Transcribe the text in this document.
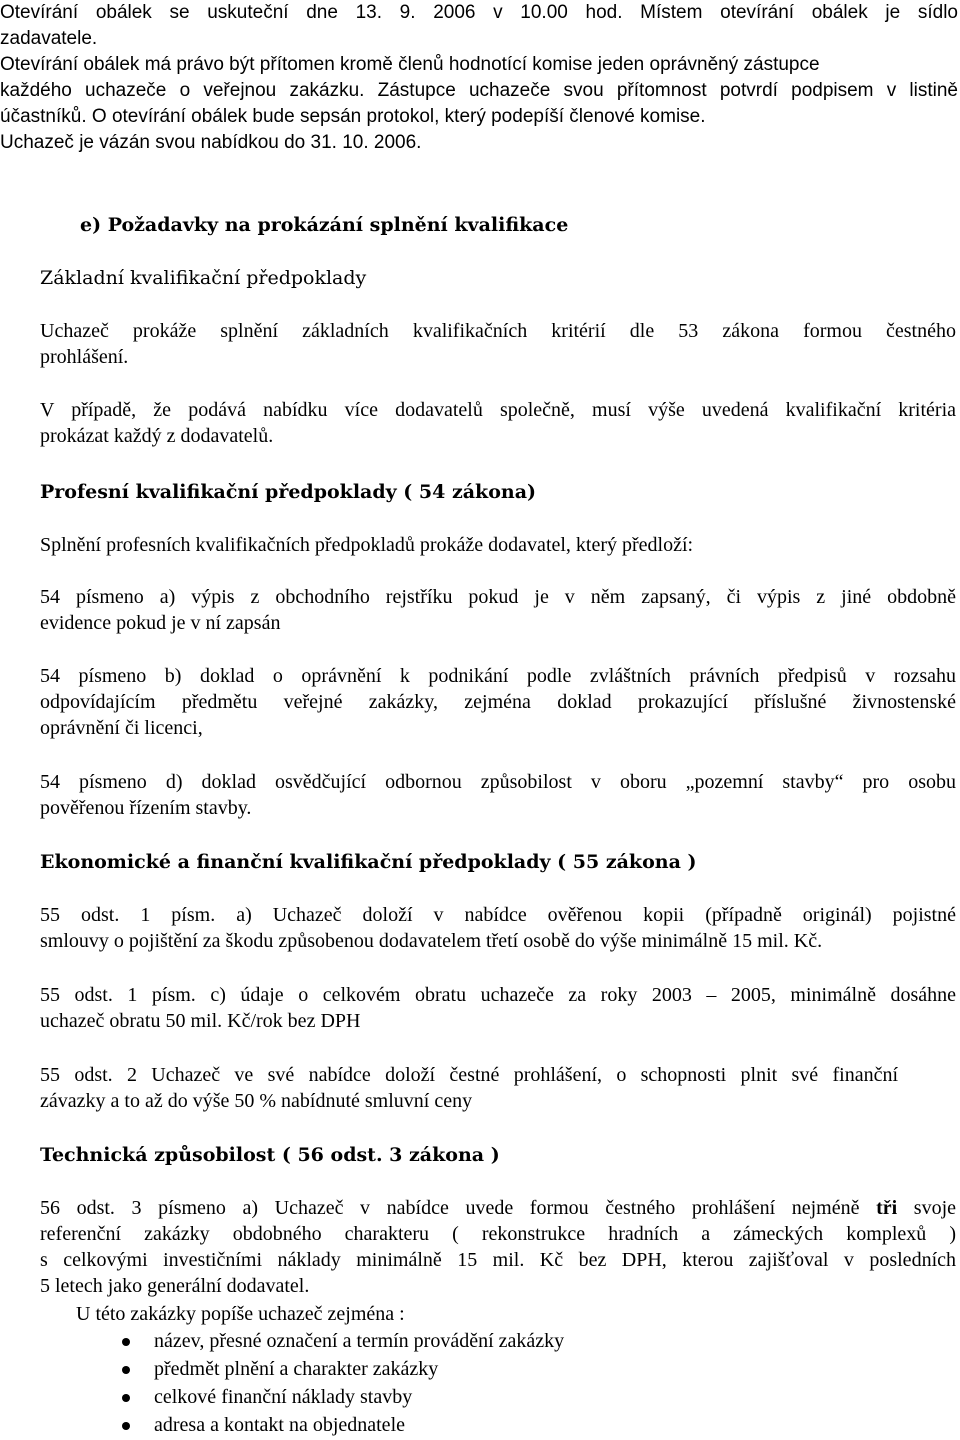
Otevírání obálek se uskuteční dne 13. 9. 2006 v 10.00 hod. Místem otevírání obálek je sídlo
zadavatele.
Otevírání obálek má právo být přítomen kromě členů hodnotící komise jeden oprávněný zástupce
každého uchazeče o veřejnou zakázku. Zástupce uchazeče svou přítomnost potvrdí podpisem v listině
účastníků. O otevírání obálek bude sepsán protokol, který podepíší členové komise.
Uchazeč je vázán svou nabídkou do 31. 10. 2006.
e) Požadavky na prokázání splnění kvalifikace
Základní kvalifikační předpoklady
Uchazeč prokáže splnění základních kvalifikačních kritérií dle 53 zákona formou čestného
prohlášení.
V případě, že podává nabídku více dodavatelů společně, musí výše uvedená kvalifikační kritéria
prokázat každý z dodavatelů.
Profesní kvalifikační předpoklady ( 54 zákona)
Splnění profesních kvalifikačních předpokladů prokáže dodavatel, který předloží:
54 písmeno a) výpis z obchodního rejstříku pokud je v něm zapsaný, či výpis z jiné obdobně
evidence pokud je v ní zapsán
54 písmeno b) doklad o oprávnění k podnikání podle zvláštních právních předpisů v rozsahu
odpovídajícím předmětu veřejné zakázky, zejména doklad prokazující příslušné živnostenské
oprávnění či licenci,
54 písmeno d) doklad osvědčující odbornou způsobilost v oboru „pozemní stavby“ pro osobu
pověřenou řízením stavby.
Ekonomické a finanční kvalifikační předpoklady ( 55 zákona )
55 odst. 1 písm. a) Uchazeč doloží v nabídce ověřenou kopii (případně originál) pojistné
smlouvy o pojištění za škodu způsobenou dodavatelem třetí osobě do výše minimálně 15 mil. Kč.
55 odst. 1 písm. c) údaje o celkovém obratu uchazeče za roky 2003 – 2005, minimálně dosáhne
uchazeč obratu 50 mil. Kč/rok bez DPH
55 odst. 2 Uchazeč ve své nabídce doloží čestné prohlášení, o schopnosti plnit své finanční
závazky a to až do výše 50 % nabídnuté smluvní ceny
Technická způsobilost ( 56 odst. 3 zákona )
56 odst. 3 písmeno a) Uchazeč v nabídce uvede formou čestného prohlášení nejméně tři svoje
referenční zakázky obdobného charakteru ( rekonstrukce hradních a zámeckých komplexů )
s celkovými investičními náklady minimálně 15 mil. Kč bez DPH, kterou zajišťoval v posledních
5 letech jako generální dodavatel.
U této zakázky popíše uchazeč zejména :
název, přesné označení a termín provádění zakázky
předmět plnění a charakter zakázky
celkové finanční náklady stavby
adresa a kontakt na objednatele
